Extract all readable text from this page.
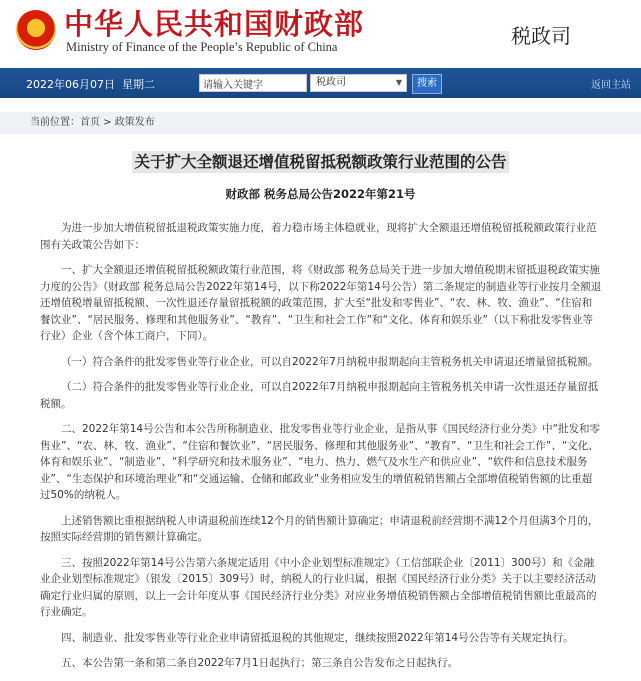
★ 中华人民共和国财政部
Ministry of Finance of the People’s Republic of China	税政司
2022年06月07日 星期二
请输入关键字	税政司	▼	搜索	返回主站
当前位置：首页 > 政策发布
关于扩大全额退还增值税留抵税额政策行业范围的公告
财政部 税务总局公告2022年第21号

为进一步加大增值税留抵退税政策实施力度，着力稳市场主体稳就业，现将扩大全额退还增值税留抵税额政策行业范围有关政策公告如下：

一、扩大全额退还增值税留抵税额政策行业范围，将《财政部 税务总局关于进一步加大增值税期末留抵退税政策实施力度的公告》（财政部 税务总局公告2022年第14号，以下称2022年第14号公告）第二条规定的制造业等行业按月全额退还增值税增量留抵税额、一次性退还存量留抵税额的政策范围，扩大至“批发和零售业”、“农、林、牧、渔业”、“住宿和餐饮业”、“居民服务、修理和其他服务业”、“教育”、“卫生和社会工作”和“文化、体育和娱乐业”（以下称批发零售业等行业）企业（含个体工商户，下同）。

（一）符合条件的批发零售业等行业企业，可以自2022年7月纳税申报期起向主管税务机关申请退还增量留抵税额。

（二）符合条件的批发零售业等行业企业，可以自2022年7月纳税申报期起向主管税务机关申请一次性退还存量留抵税额。

二、2022年第14号公告和本公告所称制造业、批发零售业等行业企业，是指从事《国民经济行业分类》中“批发和零售业”、“农、林、牧、渔业”、“住宿和餐饮业”、“居民服务、修理和其他服务业”、“教育”、“卫生和社会工作”、“文化、体育和娱乐业”、“制造业”、“科学研究和技术服务业”、“电力、热力、燃气及水生产和供应业”、“软件和信息技术服务业”、“生态保护和环境治理业”和“交通运输、仓储和邮政业”业务相应发生的增值税销售额占全部增值税销售额的比重超过50%的纳税人。

上述销售额比重根据纳税人申请退税前连续12个月的销售额计算确定；申请退税前经营期不满12个月但满3个月的，按照实际经营期的销售额计算确定。

三、按照2022年第14号公告第六条规定适用《中小企业划型标准规定》（工信部联企业〔2011〕300号）和《金融业企业划型标准规定》（银发〔2015〕309号）时，纳税人的行业归属，根据《国民经济行业分类》关于以主要经济活动确定行业归属的原则，以上一会计年度从事《国民经济行业分类》对应业务增值税销售额占全部增值税销售额比重最高的行业确定。

四、制造业、批发零售业等行业企业申请留抵退税的其他规定，继续按照2022年第14号公告等有关规定执行。

五、本公告第一条和第二条自2022年7月1日起执行；第三条自公告发布之日起执行。
